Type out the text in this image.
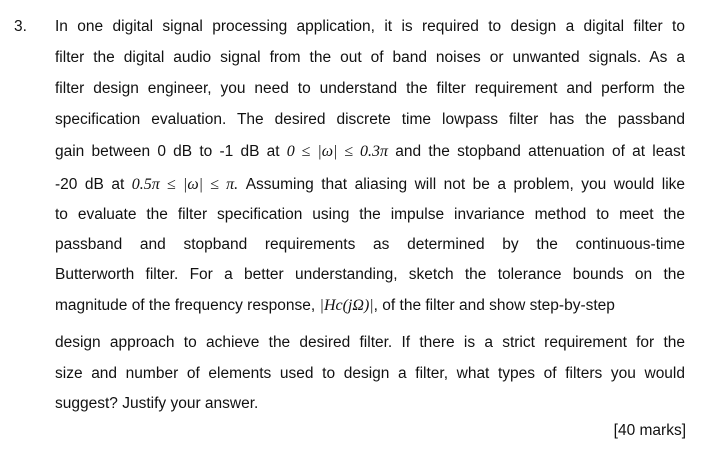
3. In one digital signal processing application, it is required to design a digital filter to
filter the digital audio signal from the out of band noises or unwanted signals. As a
filter design engineer, you need to understand the filter requirement and perform the
specification evaluation. The desired discrete time lowpass filter has the passband
gain between 0 dB to -1 dB at 0 ≤ |ω| ≤ 0.3π and the stopband attenuation of at least
-20 dB at 0.5π ≤ |ω| ≤ π. Assuming that aliasing will not be a problem, you would like
to evaluate the filter specification using the impulse invariance method to meet the
passband and stopband requirements as determined by the continuous-time
Butterworth filter. For a better understanding, sketch the tolerance bounds on the
magnitude of the frequency response, |Hc(jΩ)|, of the filter and show step-by-step
design approach to achieve the desired filter. If there is a strict requirement for the
size and number of elements used to design a filter, what types of filters you would
suggest? Justify your answer.
[40 marks]
